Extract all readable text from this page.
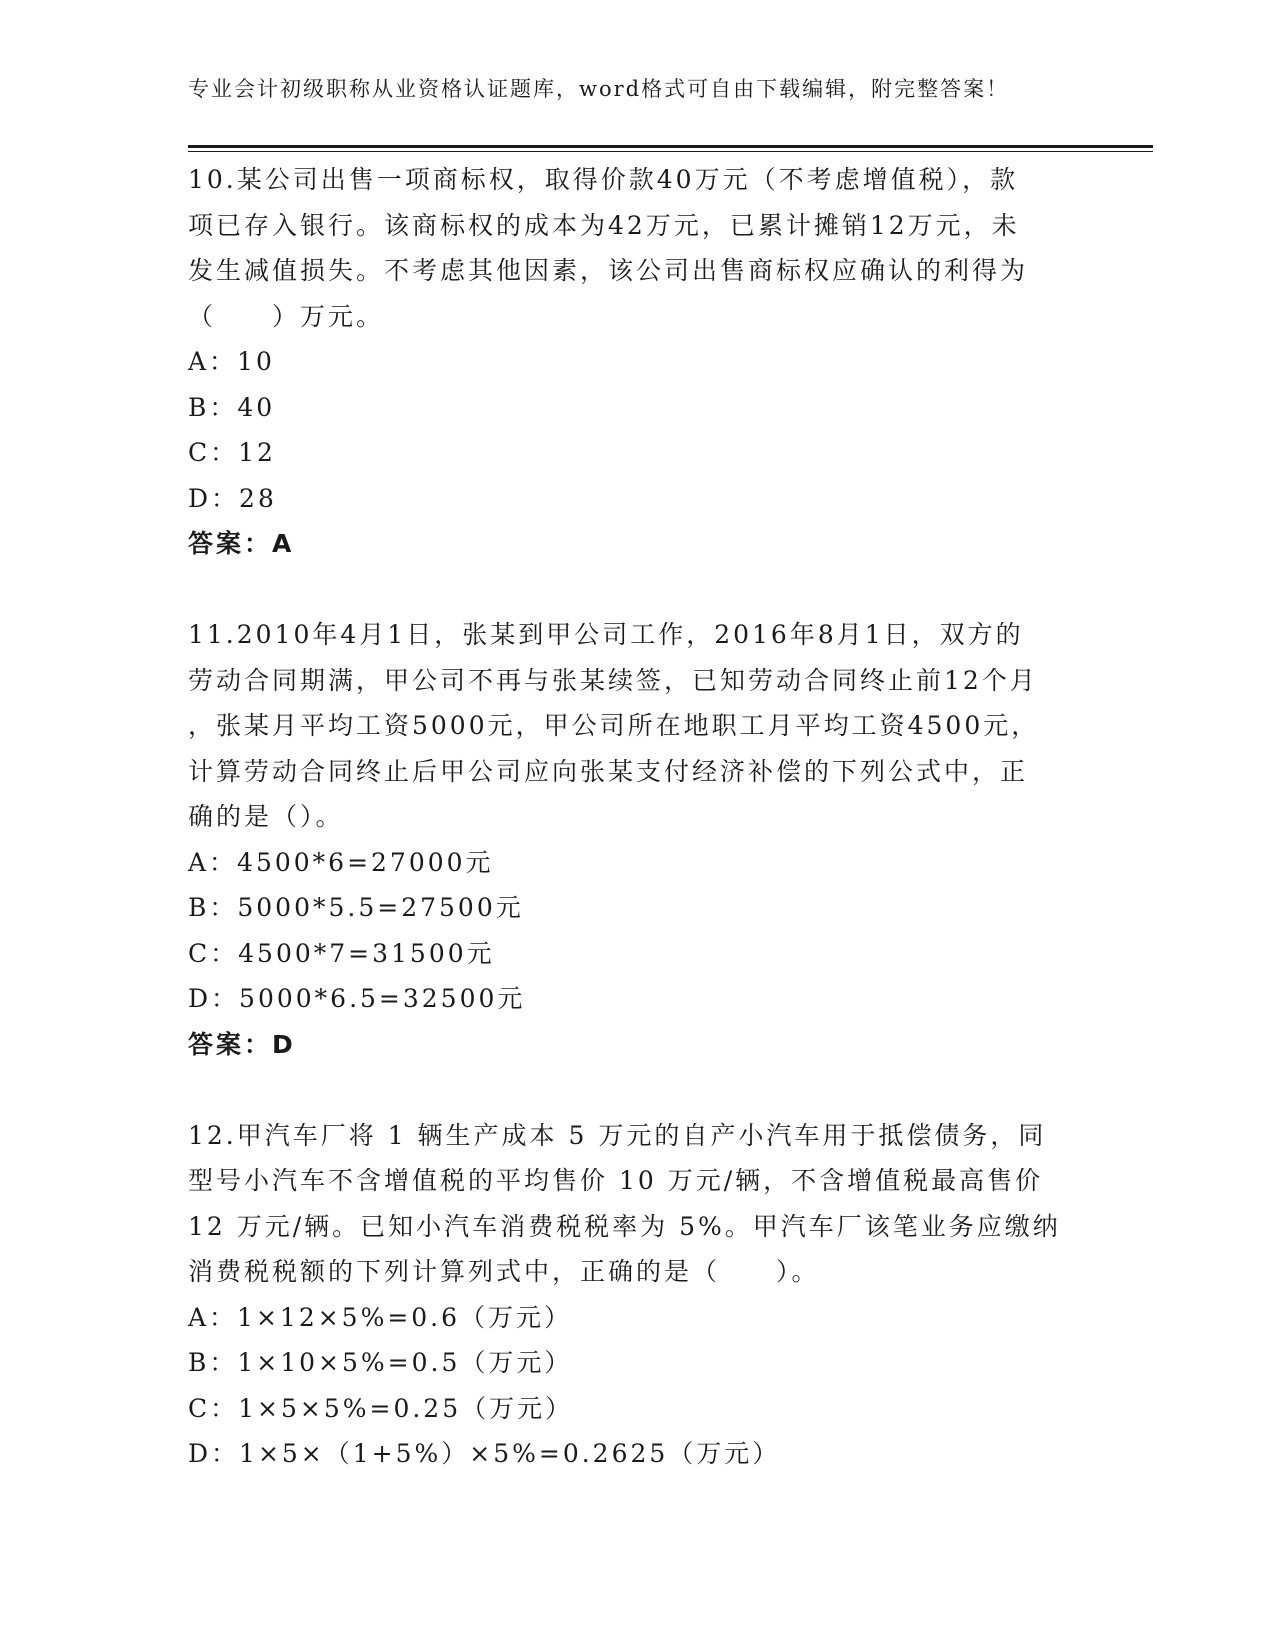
专业会计初级职称从业资格认证题库，word格式可自由下载编辑，附完整答案！
10.某公司出售一项商标权，取得价款40万元（不考虑增值税），款
项已存入银行。该商标权的成本为42万元，已累计摊销12万元，未
发生减值损失。不考虑其他因素，该公司出售商标权应确认的利得为
（　　）万元。
A：10
B：40
C：12
D：28
答案：A
11.2010年4月1日，张某到甲公司工作，2016年8月1日，双方的
劳动合同期满，甲公司不再与张某续签，已知劳动合同终止前12个月
，张某月平均工资5000元，甲公司所在地职工月平均工资4500元，
计算劳动合同终止后甲公司应向张某支付经济补偿的下列公式中，正
确的是（）。
A：4500*6=27000元
B：5000*5.5=27500元
C：4500*7=31500元
D：5000*6.5=32500元
答案：D
12.甲汽车厂将 1 辆生产成本 5 万元的自产小汽车用于抵偿债务，同
型号小汽车不含增值税的平均售价 10 万元/辆，不含增值税最高售价
12 万元/辆。已知小汽车消费税税率为 5%。甲汽车厂该笔业务应缴纳
消费税税额的下列计算列式中，正确的是（　　）。
A：1×12×5%=0.6（万元）
B：1×10×5%=0.5（万元）
C：1×5×5%=0.25（万元）
D：1×5×（1+5%）×5%=0.2625（万元）
